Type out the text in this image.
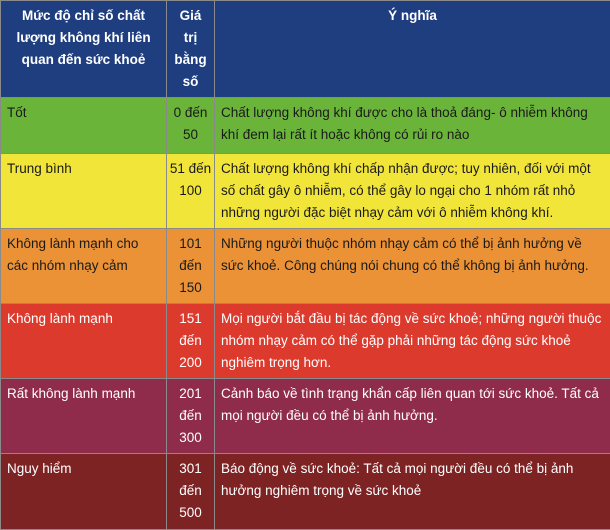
Mức độ chỉ số chất lượng không khí liên quan đến sức khoẻ	Giá trị bằng số	Ý nghĩa
Tốt	0 đến 50	Chất lượng không khí được cho là thoả đáng- ô nhiễm không khí đem lại rất ít hoặc không có rủi ro nào
Trung bình	51 đến 100	Chất lượng không khí chấp nhận được; tuy nhiên, đối với một số chất gây ô nhiễm, có thể gây lo ngại cho 1 nhóm rất nhỏ những người đặc biệt nhạy cảm với ô nhiễm không khí.
Không lành mạnh cho các nhóm nhạy cảm	101 đến 150	Những người thuộc nhóm nhạy cảm có thể bị ảnh hưởng về sức khoẻ. Công chúng nói chung có thể không bị ảnh hưởng.
Không lành mạnh	151 đến 200	Mọi người bắt đầu bị tác động về sức khoẻ; những người thuộc nhóm nhạy cảm có thể gặp phải những tác động sức khoẻ nghiêm trọng hơn.
Rất không lành mạnh	201 đến 300	Cảnh báo về tình trạng khẩn cấp liên quan tới sức khoẻ. Tất cả mọi người đều có thể bị ảnh hưởng.
Nguy hiểm	301 đến 500	Báo động về sức khoẻ: Tất cả mọi người đều có thể bị ảnh hưởng nghiêm trọng về sức khoẻ
